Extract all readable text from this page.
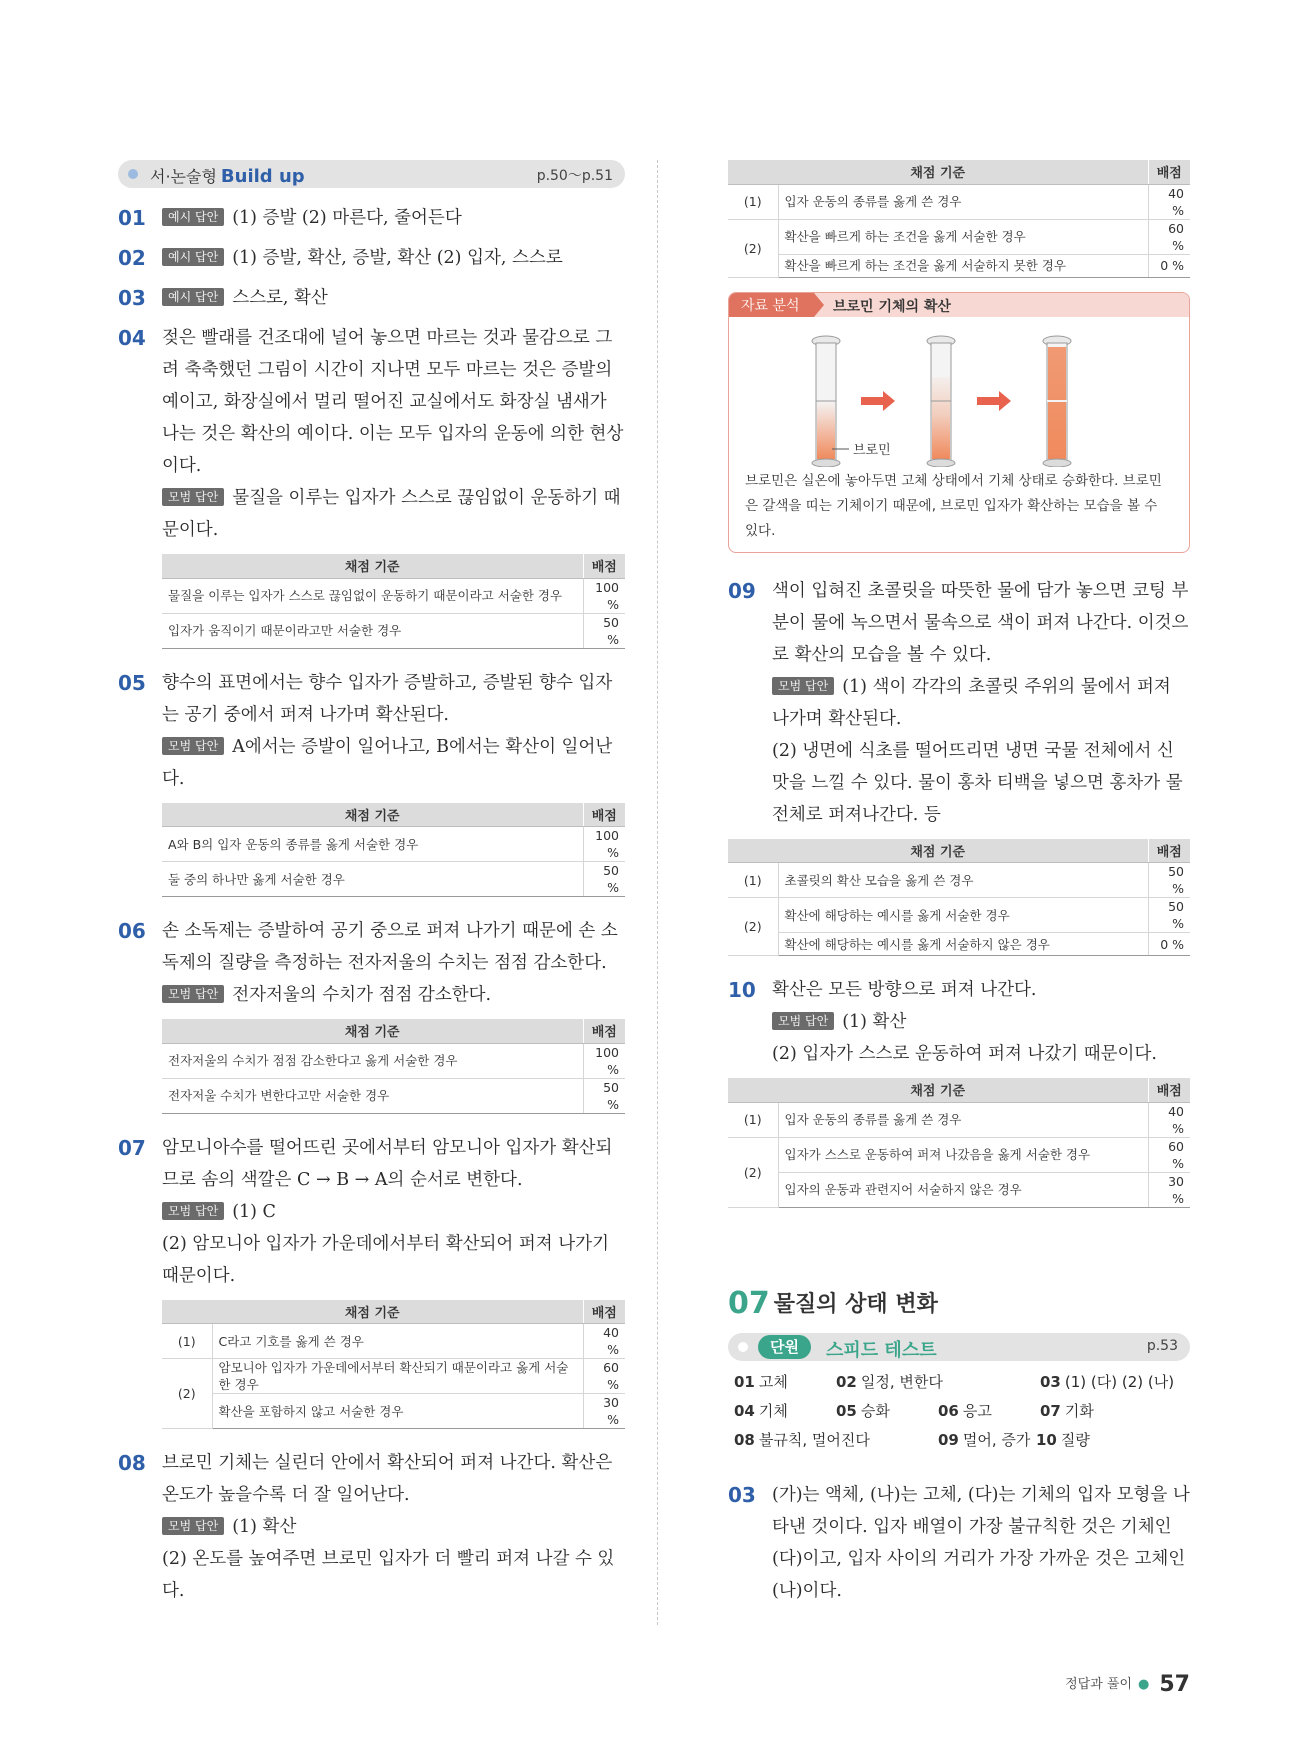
서·논술형 Build up	p.50～p.51
01 예시 답안 (1) 증발 (2) 마른다, 줄어든다
02 예시 답안 (1) 증발, 확산, 증발, 확산 (2) 입자, 스스로
03 예시 답안 스스로, 확산
04 젖은 빨래를 건조대에 널어 놓으면 마르는 것과 물감으로 그려 축축했던 그림이 시간이 지나면 모두 마르는 것은 증발의 예이고, 화장실에서 멀리 떨어진 교실에서도 화장실 냄새가 나는 것은 확산의 예이다. 이는 모두 입자의 운동에 의한 현상이다.
모범 답안 물질을 이루는 입자가 스스로 끊임없이 운동하기 때문이다.
채점 기준	배점
물질을 이루는 입자가 스스로 끊임없이 운동하기 때문이라고 서술한 경우	100 %
입자가 움직이기 때문이라고만 서술한 경우	50 %
05 향수의 표면에서는 향수 입자가 증발하고, 증발된 향수 입자는 공기 중에서 퍼져 나가며 확산된다.
모범 답안 A에서는 증발이 일어나고, B에서는 확산이 일어난다.
채점 기준	배점
A와 B의 입자 운동의 종류를 옳게 서술한 경우	100 %
둘 중의 하나만 옳게 서술한 경우	50 %
06 손 소독제는 증발하여 공기 중으로 퍼져 나가기 때문에 손 소독제의 질량을 측정하는 전자저울의 수치는 점점 감소한다.
모범 답안 전자저울의 수치가 점점 감소한다.
채점 기준	배점
전자저울의 수치가 점점 감소한다고 옳게 서술한 경우	100 %
전자저울 수치가 변한다고만 서술한 경우	50 %
07 암모니아수를 떨어뜨린 곳에서부터 암모니아 입자가 확산되므로 솜의 색깔은 C → B → A의 순서로 변한다.
모범 답안 (1) C
(2) 암모니아 입자가 가운데에서부터 확산되어 퍼져 나가기 때문이다.
채점 기준		배점
(1)	C라고 기호를 옳게 쓴 경우	40 %
(2)	암모니아 입자가 가운데에서부터 확산되기 때문이라고 옳게 서술한 경우	60 %
	확산을 포함하지 않고 서술한 경우	30 %
08 브로민 기체는 실린더 안에서 확산되어 퍼져 나간다. 확산은 온도가 높을수록 더 잘 일어난다.
모범 답안 (1) 확산
(2) 온도를 높여주면 브로민 입자가 더 빨리 퍼져 나갈 수 있다.
채점 기준		배점
(1)	입자 운동의 종류를 옳게 쓴 경우	40 %
(2)	확산을 빠르게 하는 조건을 옳게 서술한 경우	60 %
	확산을 빠르게 하는 조건을 옳게 서술하지 못한 경우	0 %
자료 분석	브로민 기체의 확산
브로민
브로민은 실온에 놓아두면 고체 상태에서 기체 상태로 승화한다. 브로민은 갈색을 띠는 기체이기 때문에, 브로민 입자가 확산하는 모습을 볼 수 있다.
09 색이 입혀진 초콜릿을 따뜻한 물에 담가 놓으면 코팅 부분이 물에 녹으면서 물속으로 색이 퍼져 나간다. 이것으로 확산의 모습을 볼 수 있다.
모범 답안 (1) 색이 각각의 초콜릿 주위의 물에서 퍼져 나가며 확산된다.
(2) 냉면에 식초를 떨어뜨리면 냉면 국물 전체에서 신맛을 느낄 수 있다. 물이 홍차 티백을 넣으면 홍차가 물 전체로 퍼져나간다. 등
채점 기준		배점
(1)	초콜릿의 확산 모습을 옳게 쓴 경우	50 %
(2)	확산에 해당하는 예시를 옳게 서술한 경우	50 %
	확산에 해당하는 예시를 옳게 서술하지 않은 경우	0 %
10 확산은 모든 방향으로 퍼져 나간다.
모범 답안 (1) 확산
(2) 입자가 스스로 운동하여 퍼져 나갔기 때문이다.
채점 기준		배점
(1)	입자 운동의 종류를 옳게 쓴 경우	40 %
(2)	입자가 스스로 운동하여 퍼져 나갔음을 옳게 서술한 경우	60 %
	입자의 운동과 관련지어 서술하지 않은 경우	30 %
07 물질의 상태 변화
단원	스피드 테스트	p.53
01 고체	02 일정, 변한다	03 (1) (다) (2) (나)
04 기체	05 승화	06 응고	07 기화
08 불규칙, 멀어진다	09 멀어, 증가 10 질량
03 (가)는 액체, (나)는 고체, (다)는 기체의 입자 모형을 나타낸 것이다. 입자 배열이 가장 불규칙한 것은 기체인 (다)이고, 입자 사이의 거리가 가장 가까운 것은 고체인 (나)이다.
정답과 풀이 ● 57
